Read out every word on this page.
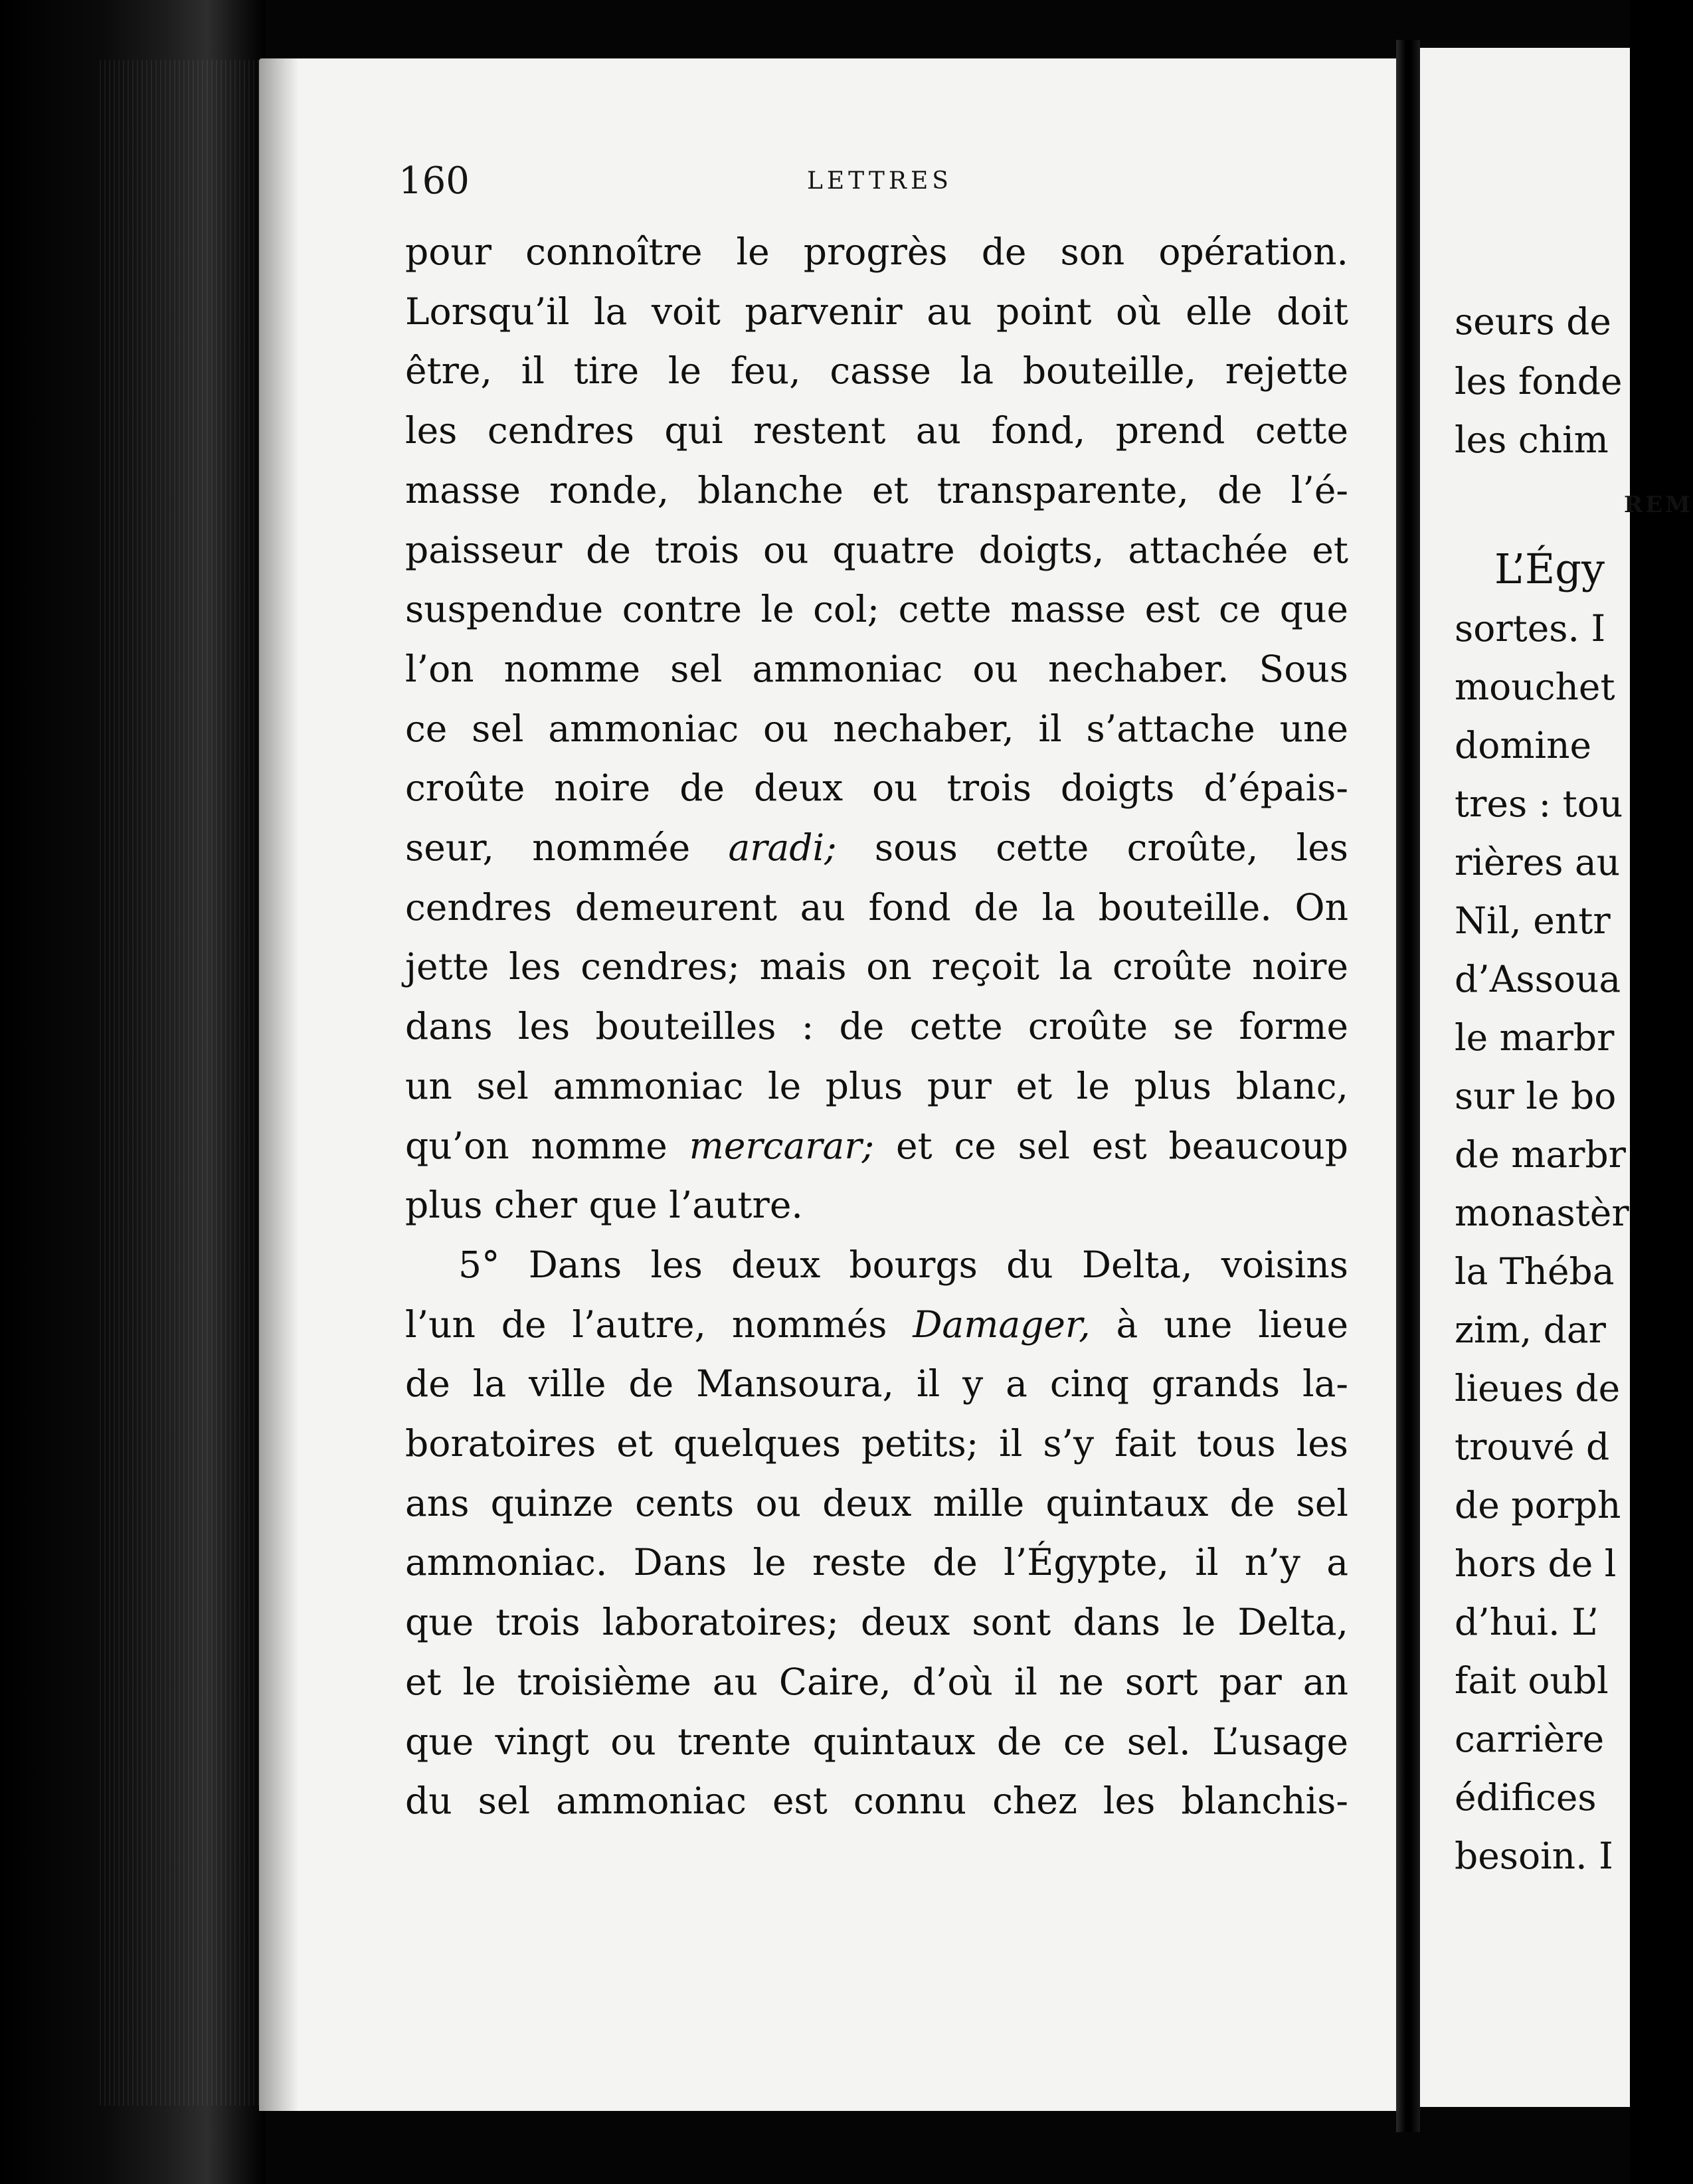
seurs de
les fonde
les chim
REM
L’Égy
sortes. I
mouchet
domine
tres : tou
rières au
Nil, entr
d’Assoua
le marbr
sur le bo
de marbr
monastèr
la Théba
zim, dar
lieues de
trouvé d
de porph
hors de l
d’hui. L’
fait oubl
carrière
édifices
besoin. I
160	LETTRES
pour connoître le progrès de son opération.
Lorsqu’il la voit parvenir au point où elle doit
être, il tire le feu, casse la bouteille, rejette
les cendres qui restent au fond, prend cette
masse ronde, blanche et transparente, de l’é-
paisseur de trois ou quatre doigts, attachée et
suspendue contre le col; cette masse est ce que
l’on nomme sel ammoniac ou nechaber. Sous
ce sel ammoniac ou nechaber, il s’attache une
croûte noire de deux ou trois doigts d’épais-
seur, nommée aradi; sous cette croûte, les
cendres demeurent au fond de la bouteille. On
jette les cendres; mais on reçoit la croûte noire
dans les bouteilles : de cette croûte se forme
un sel ammoniac le plus pur et le plus blanc,
qu’on nomme mercarar; et ce sel est beaucoup
plus cher que l’autre.
5° Dans les deux bourgs du Delta, voisins
l’un de l’autre, nommés Damager, à une lieue
de la ville de Mansoura, il y a cinq grands la-
boratoires et quelques petits; il s’y fait tous les
ans quinze cents ou deux mille quintaux de sel
ammoniac. Dans le reste de l’Égypte, il n’y a
que trois laboratoires; deux sont dans le Delta,
et le troisième au Caire, d’où il ne sort par an
que vingt ou trente quintaux de ce sel. L’usage
du sel ammoniac est connu chez les blanchis-
